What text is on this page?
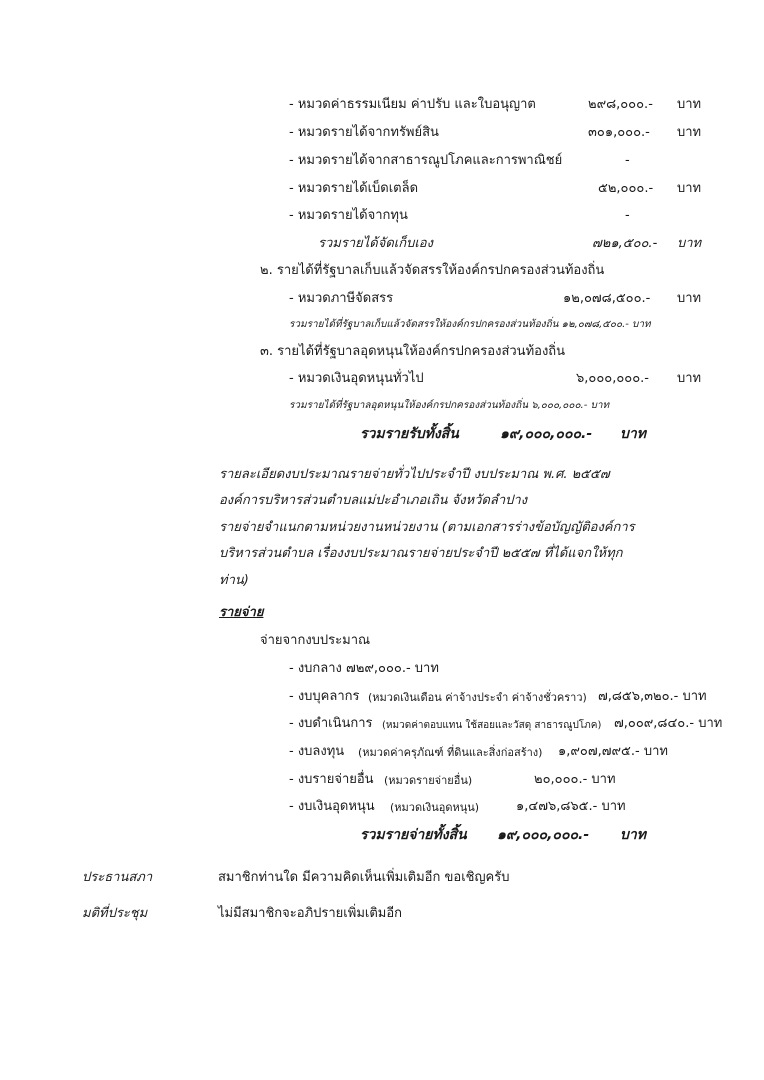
- หมวดค่าธรรมเนียม ค่าปรับ และใบอนุญาต	๒๙๘,๐๐๐.- บาท
- หมวดรายได้จากทรัพย์สิน	๓๐๑,๐๐๐.- บาท
- หมวดรายได้จากสาธารณูปโภคและการพาณิชย์	-
- หมวดรายได้เบ็ดเตล็ด	๕๒,๐๐๐.- บาท
- หมวดรายได้จากทุน	-
รวมรายได้จัดเก็บเอง	๗๒๑,๕๐๐.- บาท
๒. รายได้ที่รัฐบาลเก็บแล้วจัดสรรให้องค์กรปกครองส่วนท้องถิ่น
- หมวดภาษีจัดสรร	๑๒,๐๗๘,๕๐๐.- บาท
รวมรายได้ที่รัฐบาลเก็บแล้วจัดสรรให้องค์กรปกครองส่วนท้องถิ่น ๑๒,๐๗๘,๕๐๐.- บาท
๓. รายได้ที่รัฐบาลอุดหนุนให้องค์กรปกครองส่วนท้องถิ่น
- หมวดเงินอุดหนุนทั่วไป	๖,๐๐๐,๐๐๐.- บาท
รวมรายได้ที่รัฐบาลอุดหนุนให้องค์กรปกครองส่วนท้องถิ่น ๖,๐๐๐,๐๐๐.- บาท
รวมรายรับทั้งสิ้น	๑๙,๐๐๐,๐๐๐.- บาท
รายละเอียดงบประมาณรายจ่ายทั่วไปประจำปี งบประมาณ พ.ศ. ๒๕๕๗
องค์การบริหารส่วนตำบลแม่ปะอำเภอเถิน จังหวัดลำปาง
รายจ่ายจำแนกตามหน่วยงานหน่วยงาน (ตามเอกสารร่างข้อบัญญัติองค์การ
บริหารส่วนตำบล เรื่องงบประมาณรายจ่ายประจำปี ๒๕๕๗ ที่ได้แจกให้ทุก
ท่าน)
รายจ่าย
จ่ายจากงบประมาณ
- งบกลาง ๗๒๙,๐๐๐.- บาท
- งบบุคลากร (หมวดเงินเดือน ค่าจ้างประจำ ค่าจ้างชั่วคราว) ๗,๘๕๖,๓๒๐.- บาท
- งบดำเนินการ (หมวดค่าตอบแทน ใช้สอยและวัสดุ สาธารณูปโภค) ๗,๐๐๙,๘๔๐.- บาท
- งบลงทุน (หมวดค่าครุภัณฑ์ ที่ดินและสิ่งก่อสร้าง) ๑,๙๐๗,๗๙๕.- บาท
- งบรายจ่ายอื่น (หมวดรายจ่ายอื่น)	๒๐,๐๐๐.- บาท
- งบเงินอุดหนุน (หมวดเงินอุดหนุน)	๑,๔๗๖,๘๖๕.- บาท
รวมรายจ่ายทั้งสิ้น ๑๙,๐๐๐,๐๐๐.- บาท
ประธานสภา	สมาชิกท่านใด มีความคิดเห็นเพิ่มเติมอีก ขอเชิญครับ
มติที่ประชุม	ไม่มีสมาชิกจะอภิปรายเพิ่มเติมอีก
